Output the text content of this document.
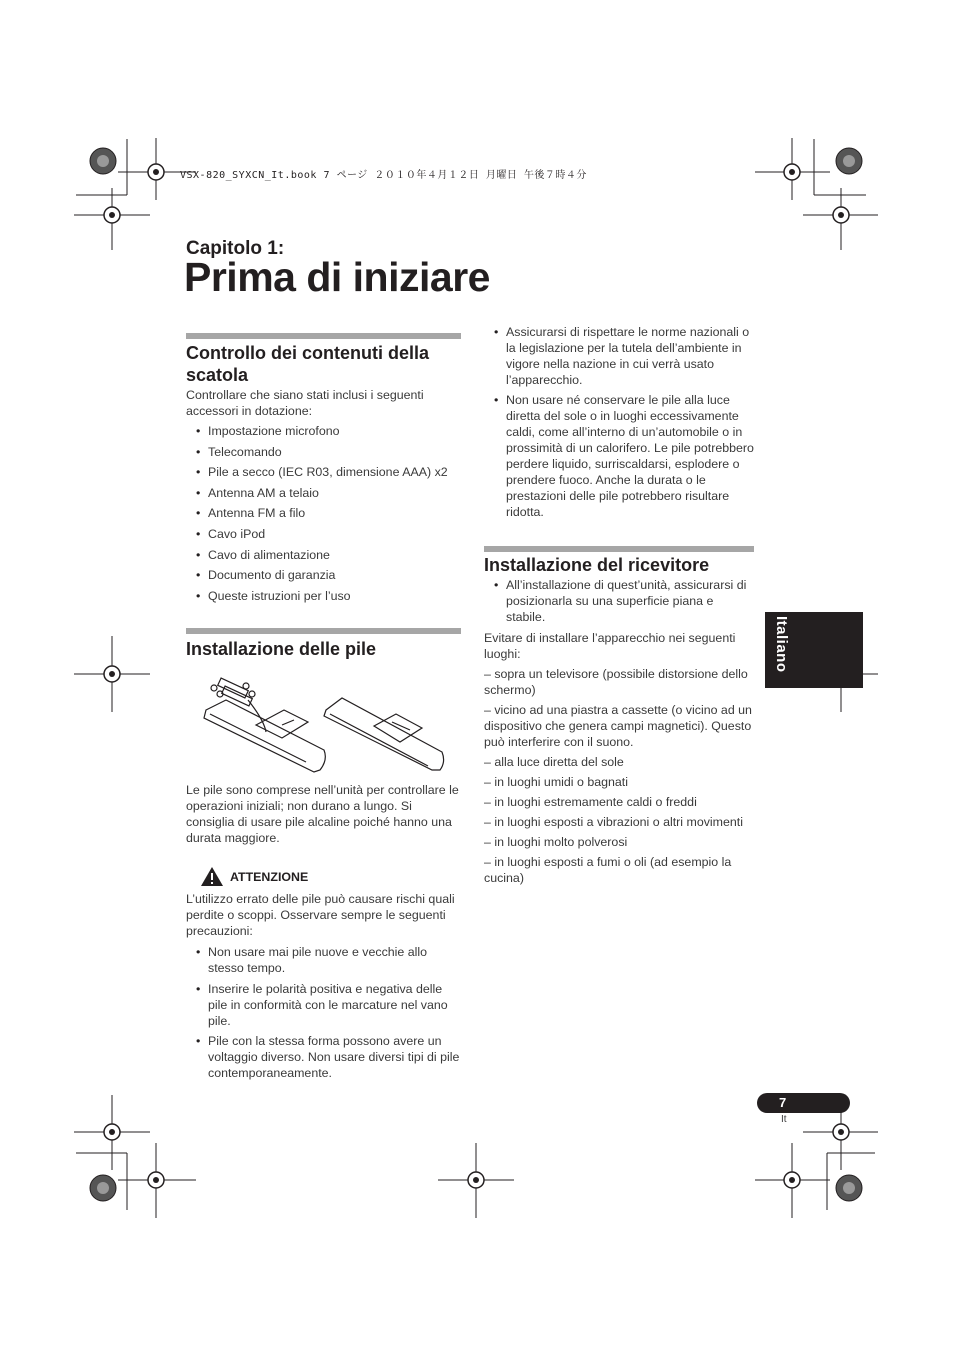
VSX-820_SYXCN_It.book 7 ページ ２０１０年４月１２日 月曜日 午後７時４分
Capitolo 1:
Prima di iniziare
Controllo dei contenuti della scatola
Controllare che siano stati inclusi i seguenti accessori in dotazione:
• Impostazione microfono
• Telecomando
• Pile a secco (IEC R03, dimensione AAA) x2
• Antenna AM a telaio
• Antenna FM a filo
• Cavo iPod
• Cavo di alimentazione
• Documento di garanzia
• Queste istruzioni per l’uso
Installazione delle pile
Le pile sono comprese nell’unità per controllare le operazioni iniziali; non durano a lungo. Si consiglia di usare pile alcaline poiché hanno una durata maggiore.
ATTENZIONE
L’utilizzo errato delle pile può causare rischi quali perdite o scoppi. Osservare sempre le seguenti precauzioni:
• Non usare mai pile nuove e vecchie allo stesso tempo.
• Inserire le polarità positiva e negativa delle pile in conformità con le marcature nel vano pile.
• Pile con la stessa forma possono avere un voltaggio diverso. Non usare diversi tipi di pile contemporaneamente.
• Assicurarsi di rispettare le norme nazionali o la legislazione per la tutela dell’ambiente in vigore nella nazione in cui verrà usato l’apparecchio.
• Non usare né conservare le pile alla luce diretta del sole o in luoghi eccessivamente caldi, come all’interno di un’automobile o in prossimità di un calorifero. Le pile potrebbero perdere liquido, surriscaldarsi, esplodere o prendere fuoco. Anche la durata o le prestazioni delle pile potrebbero risultare ridotta.
Installazione del ricevitore
• All’installazione di quest’unità, assicurarsi di posizionarla su una superficie piana e stabile.
Evitare di installare l’apparecchio nei seguenti luoghi:
– sopra un televisore (possibile distorsione dello schermo)
– vicino ad una piastra a cassette (o vicino ad un dispositivo che genera campi magnetici). Questo può interferire con il suono.
– alla luce diretta del sole
– in luoghi umidi o bagnati
– in luoghi estremamente caldi o freddi
– in luoghi esposti a vibrazioni o altri movimenti
– in luoghi molto polverosi
– in luoghi esposti a fumi o oli (ad esempio la cucina)
Italiano
7
It
